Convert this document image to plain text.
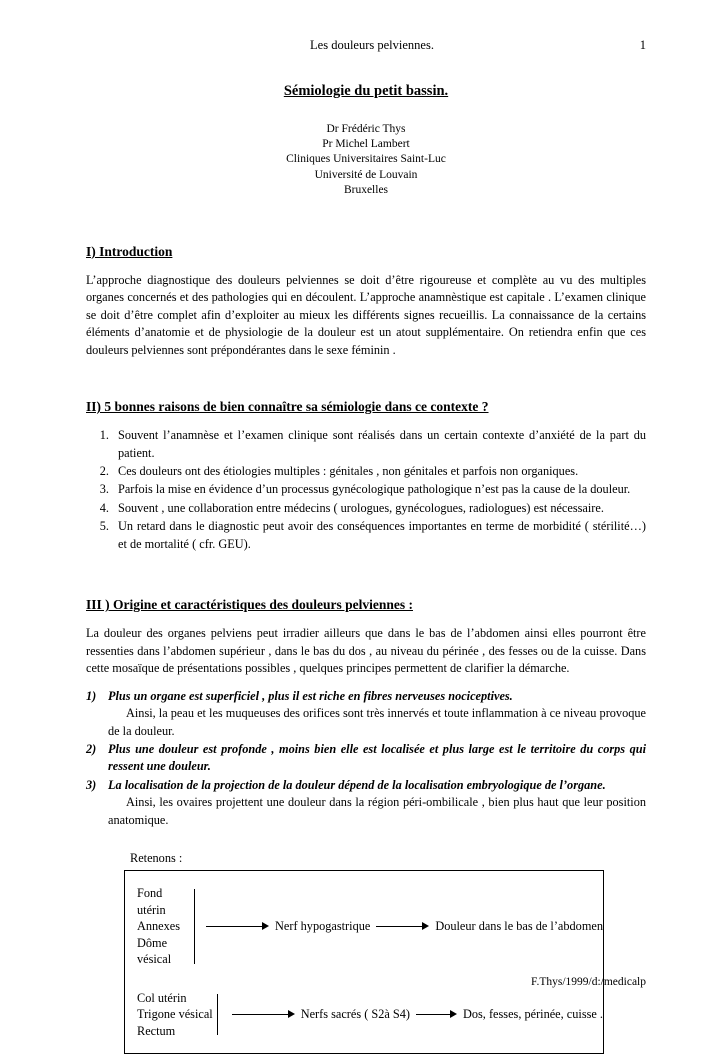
Les douleurs pelviennes.	1
Sémiologie du petit bassin.
Dr Frédéric Thys
Pr Michel Lambert
Cliniques Universitaires Saint-Luc
Université de Louvain
Bruxelles
I) Introduction

L’approche diagnostique des douleurs pelviennes se doit d’être rigoureuse et complète au vu des multiples organes concernés et des pathologies qui en découlent. L’approche anamnèstique est capitale . L’examen clinique se doit d’être complet afin d’exploiter au mieux les différents signes recueillis. La connaissance de la certains éléments d’anatomie et de physiologie de la douleur est un atout supplémentaire. On retiendra enfin que ces douleurs pelviennes sont prépondérantes dans le sexe féminin .

II) 5 bonnes raisons de bien connaître sa sémiologie dans ce contexte ?
1. Souvent l’anamnèse et l’examen clinique sont réalisés dans un certain contexte d’anxiété de la part du patient.
2. Ces douleurs ont des étiologies multiples : génitales , non génitales et parfois non organiques.
3. Parfois la mise en évidence d’un processus gynécologique pathologique n’est pas la cause de la douleur.
4. Souvent , une collaboration entre médecins ( urologues, gynécologues, radiologues) est nécessaire.
5. Un retard dans le diagnostic peut avoir des conséquences importantes en terme de morbidité ( stérilité…) et de mortalité ( cfr. GEU).
III ) Origine et caractéristiques des douleurs pelviennes :

La douleur des organes pelviens peut irradier ailleurs que dans le bas de l’abdomen ainsi elles pourront être ressenties dans l’abdomen supérieur , dans le bas du dos , au niveau du périnée , des fesses ou de la cuisse. Dans cette mosaïque de présentations possibles , quelques principes permettent de clarifier la démarche.

1) Plus un organe est superficiel , plus il est riche en fibres nerveuses nociceptives.
Ainsi, la peau et les muqueuses des orifices sont très innervés et toute inflammation à ce niveau provoque de la douleur.
2) Plus une douleur est profonde , moins bien elle est localisée et plus large est le territoire du corps qui ressent une douleur.
3) La localisation de la projection de la douleur dépend de la localisation embryologique de l’organe.
Ainsi, les ovaires projettent une douleur dans la région péri-ombilicale , bien plus haut que leur position anatomique.
Retenons :
Fond utérin
Annexes
Dôme vésical
Nerf hypogastrique	Douleur dans le bas de l’abdomen
Col utérin
Trigone vésical
Rectum
Nerfs sacrés ( S2à S4)	Dos, fesses, périnée, cuisse .
F.Thys/1999/d:/medicalp
